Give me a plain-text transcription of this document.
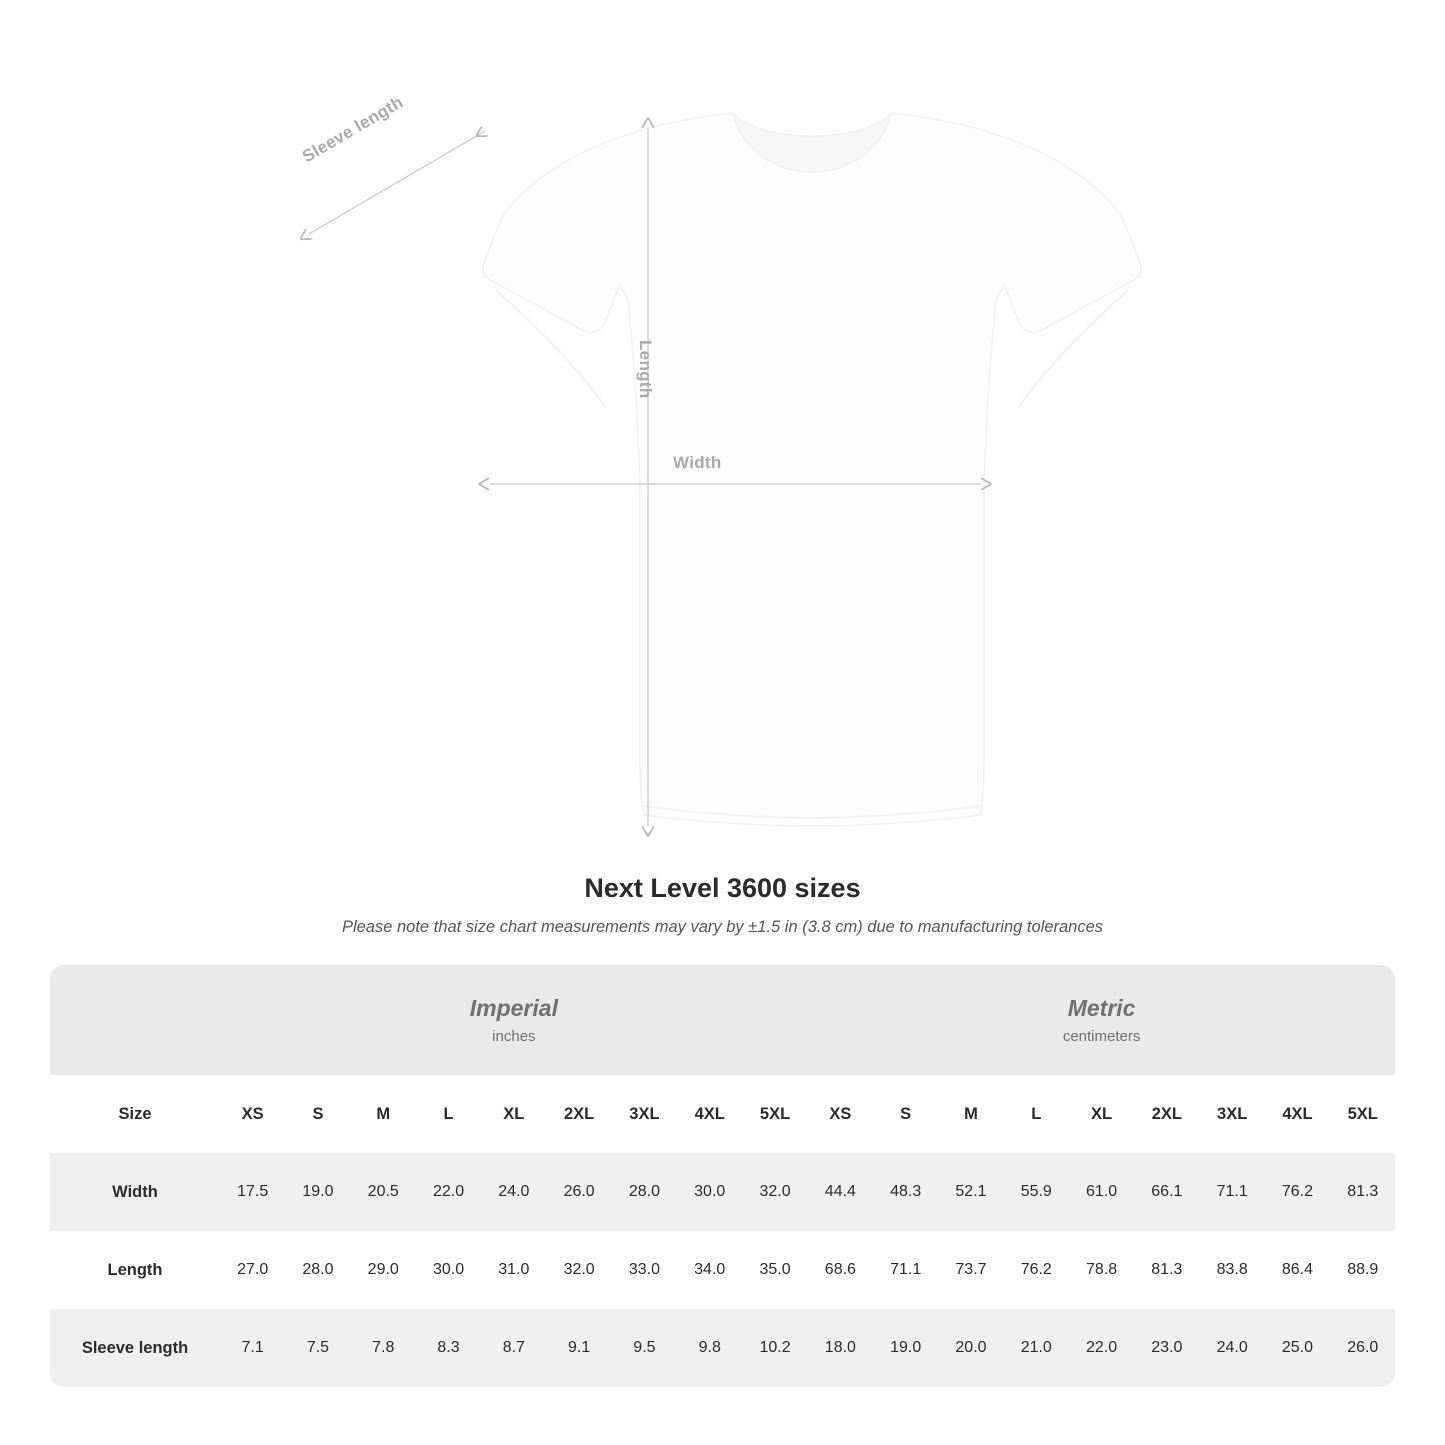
Sleeve length
Length
Width
Next Level 3600 sizes

Please note that size chart measurements may vary by ±1.5 in (3.8 cm) due to manufacturing tolerances

Imperial
inches

Metric
centimeters

Size	XS	S	M	L	XL	2XL	3XL	4XL	5XL	XS	S	M	L	XL	2XL	3XL	4XL	5XL
Width	17.5	19.0	20.5	22.0	24.0	26.0	28.0	30.0	32.0	44.4	48.3	52.1	55.9	61.0	66.1	71.1	76.2	81.3
Length	27.0	28.0	29.0	30.0	31.0	32.0	33.0	34.0	35.0	68.6	71.1	73.7	76.2	78.8	81.3	83.8	86.4	88.9
Sleeve length	7.1	7.5	7.8	8.3	8.7	9.1	9.5	9.8	10.2	18.0	19.0	20.0	21.0	22.0	23.0	24.0	25.0	26.0
